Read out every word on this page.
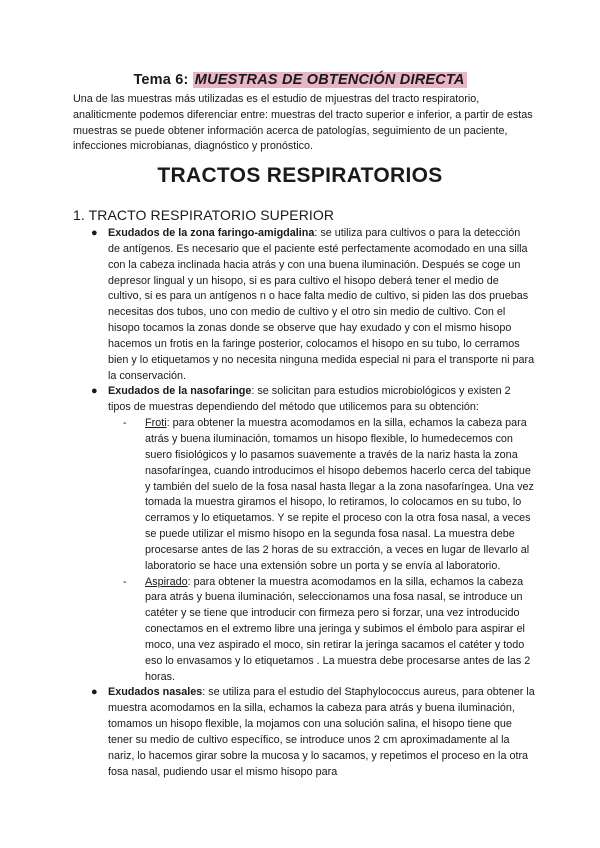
Tema 6: MUESTRAS DE OBTENCIÓN DIRECTA
Una de las muestras más utilizadas es el estudio de mjuestras del tracto respiratorio, analiticmente podemos diferenciar entre: muestras del tracto superior e inferior, a partir de estas muestras se puede obtener información acerca de patologías, seguimiento de un paciente, infecciones microbianas, diagnóstico y pronóstico.
TRACTOS RESPIRATORIOS
1. TRACTO RESPIRATORIO SUPERIOR
● Exudados de la zona faringo-amigdalina: se utiliza para cultivos o para la detección de antígenos. Es necesario que el paciente esté perfectamente acomodado en una silla con la cabeza inclinada hacia atrás y con una buena iluminación. Después se coge un depresor lingual y un hisopo, si es para cultivo el hisopo deberá tener el medio de cultivo, si es para un antígenos n o hace falta medio de cultivo, si piden las dos pruebas necesitas dos tubos, uno con medio de cultivo y el otro sin medio de cultivo. Con el hisopo tocamos la zonas donde se observe que hay exudado y con el mismo hisopo hacemos un frotis en la faringe posterior, colocamos el hisopo en su tubo, lo cerramos bien y lo etiquetamos y no necesita ninguna medida especial ni para el transporte ni para la conservación.
● Exudados de la nasofaringe: se solicitan para estudios microbiológicos y existen 2 tipos de muestras dependiendo del método que utilicemos para su obtención:
- Froti: para obtener la muestra acomodamos en la silla, echamos la cabeza para atrás y buena iluminación, tomamos un hisopo flexible, lo humedecemos con suero fisiológicos y lo pasamos suavemente a través de la nariz hasta la zona nasofaríngea, cuando introducimos el hisopo debemos hacerlo cerca del tabique y también del suelo de la fosa nasal hasta llegar a la zona nasofaríngea. Una vez tomada la muestra giramos el hisopo, lo retiramos, lo colocamos en su tubo, lo cerramos y lo etiquetamos. Y se repite el proceso con la otra fosa nasal, a veces se puede utilizar el mismo hisopo en la segunda fosa nasal. La muestra debe procesarse antes de las 2 horas de su extracción, a veces en lugar de llevarlo al laboratorio se hace una extensión sobre un porta y se envía al laboratorio.
- Aspirado: para obtener la muestra acomodamos en la silla, echamos la cabeza para atrás y buena iluminación, seleccionamos una fosa nasal, se introduce un catéter y se tiene que introducir con firmeza pero si forzar, una vez introducido conectamos en el extremo libre una jeringa y subimos el émbolo para aspirar el moco, una vez aspirado el moco, sin retirar la jeringa sacamos el catéter y todo eso lo envasamos y lo etiquetamos . La muestra debe procesarse antes de las 2 horas.
● Exudados nasales: se utiliza para el estudio del Staphylococcus aureus, para obtener la muestra acomodamos en la silla, echamos la cabeza para atrás y buena iluminación, tomamos un hisopo flexible, la mojamos con una solución salina, el hisopo tiene que tener su medio de cultivo específico, se introduce unos 2 cm aproximadamente al la nariz, lo hacemos girar sobre la mucosa y lo sacamos, y repetimos el proceso en la otra fosa nasal, pudiendo usar el mismo hisopo para
